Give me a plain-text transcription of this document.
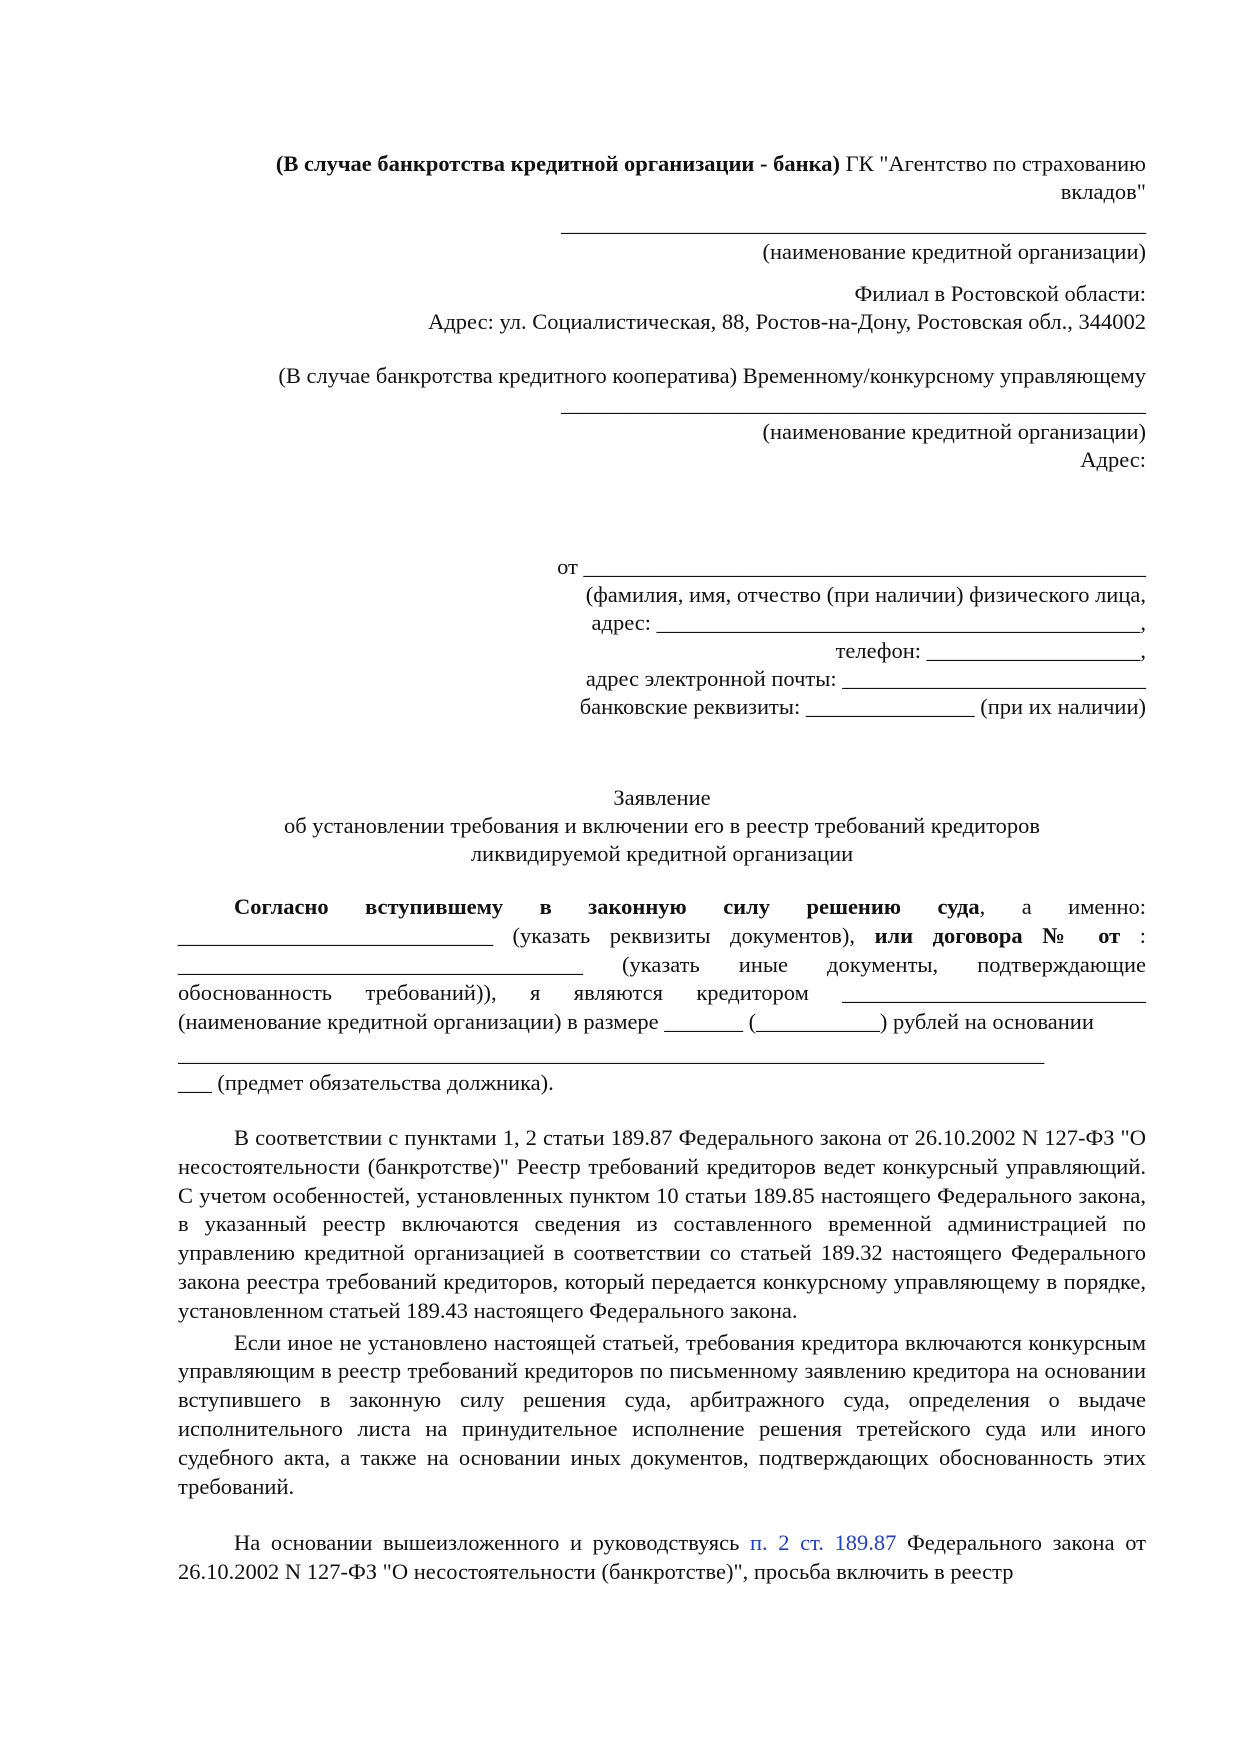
(В случае банкротства кредитной организации - банка) ГК "Агентство по страхованию

вкладов"

____________________________________________________

(наименование кредитной организации)

Филиал в Ростовской области:

Адрес: ул. Социалистическая, 88, Ростов-на-Дону, Ростовская обл., 344002

(В случае банкротства кредитного кооператива) Временному/конкурсному управляющему

____________________________________________________

(наименование кредитной организации)

Адрес:

от __________________________________________________

(фамилия, имя, отчество (при наличии) физического лица,

адрес: ___________________________________________,

телефон: ___________________,

адрес электронной почты: ___________________________

банковские реквизиты: _______________ (при их наличии)

Заявление

об установлении требования и включении его в реестр требований кредиторов

ликвидируемой кредитной организации

Согласно вступившему в законную силу решению суда, а именно: ____________________________ (указать реквизиты документов), или договора № от : ____________________________________ (указать иные документы, подтверждающие обоснованность требований)), я являются кредитором ___________________________ (наименование кредитной организации) в размере _______ (___________) рублей на основании

_____________________________________________________________________________

___ (предмет обязательства должника).

В соответствии с пунктами 1, 2 статьи 189.87 Федерального закона от 26.10.2002 N 127-ФЗ "О несостоятельности (банкротстве)" Реестр требований кредиторов ведет конкурсный управляющий. С учетом особенностей, установленных пунктом 10 статьи 189.85 настоящего Федерального закона, в указанный реестр включаются сведения из составленного временной администрацией по управлению кредитной организацией в соответствии со статьей 189.32 настоящего Федерального закона реестра требований кредиторов, который передается конкурсному управляющему в порядке, установленном статьей 189.43 настоящего Федерального закона.

Если иное не установлено настоящей статьей, требования кредитора включаются конкурсным управляющим в реестр требований кредиторов по письменному заявлению кредитора на основании вступившего в законную силу решения суда, арбитражного суда, определения о выдаче исполнительного листа на принудительное исполнение решения третейского суда или иного судебного акта, а также на основании иных документов, подтверждающих обоснованность этих требований.

На основании вышеизложенного и руководствуясь п. 2 ст. 189.87 Федерального закона от 26.10.2002 N 127-ФЗ "О несостоятельности (банкротстве)", просьба включить в реестр
